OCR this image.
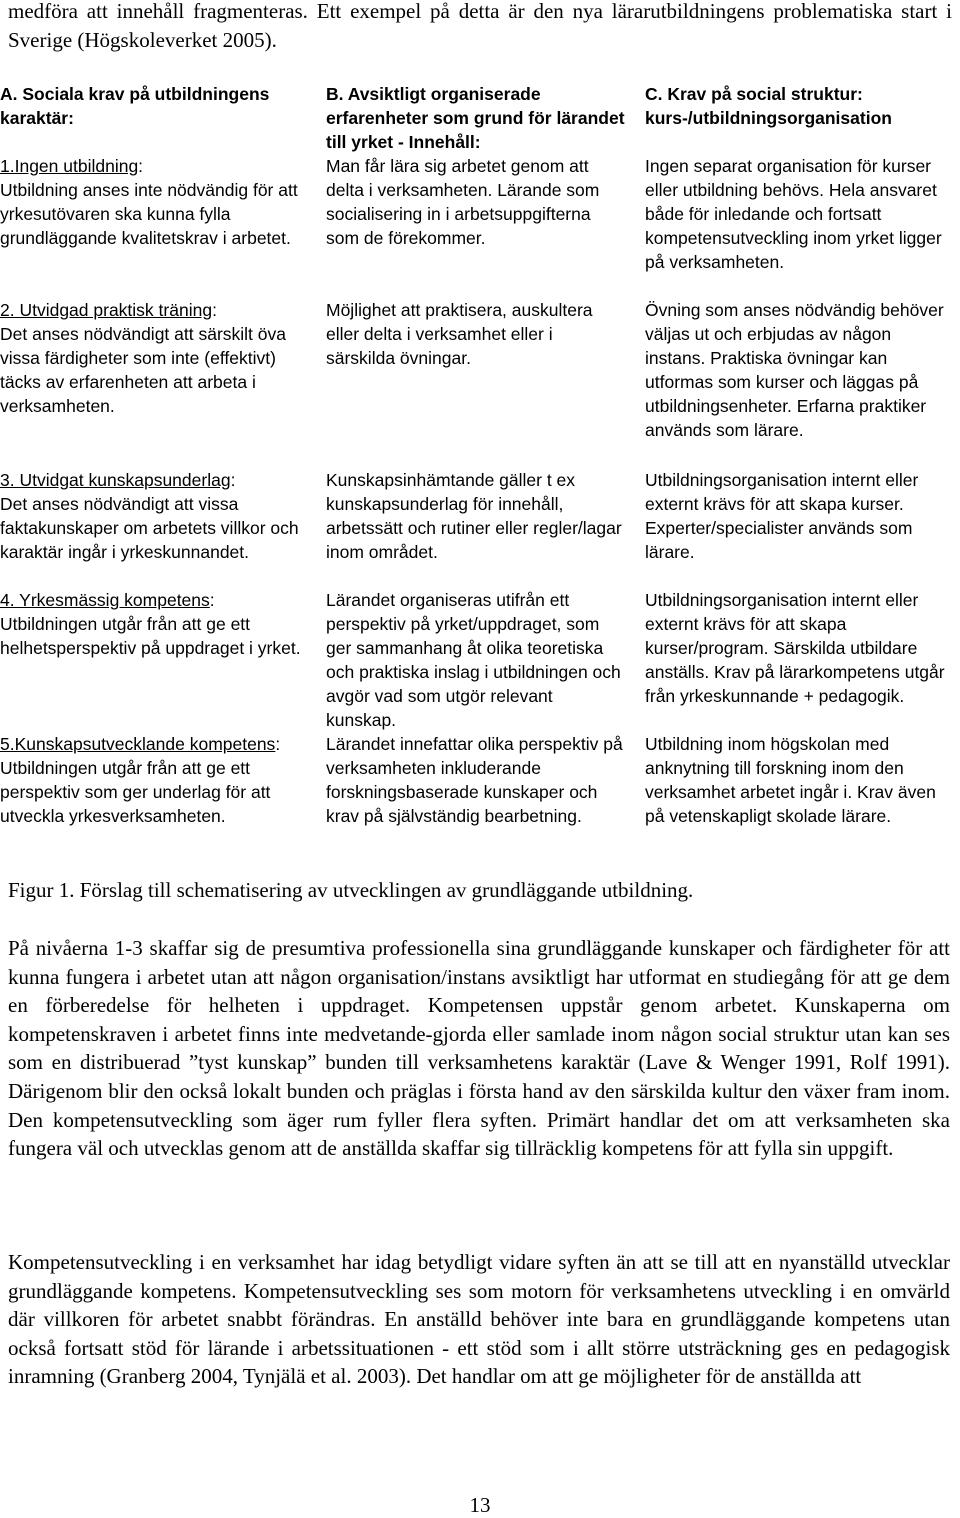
medföra att innehåll fragmenteras. Ett exempel på detta är den nya lärarutbildningens problematiska start i Sverige (Högskoleverket 2005).
A. Sociala krav på utbildningens karaktär:

1.Ingen utbildning:

Utbildning anses inte nödvändig för att yrkesutövaren ska kunna fylla grundläggande kvalitetskrav i arbetet.

2. Utvidgad praktisk träning:

Det anses nödvändigt att särskilt öva vissa färdigheter som inte (effektivt) täcks av erfarenheten att arbeta i verksamheten.

3. Utvidgat kunskapsunderlag:

Det anses nödvändigt att vissa faktakunskaper om arbetets villkor och karaktär ingår i yrkeskunnandet.

4. Yrkesmässig kompetens:

Utbildningen utgår från att ge ett helhetsperspektiv på uppdraget i yrket.

5.Kunskapsutvecklande kompetens:

Utbildningen utgår från att ge ett perspektiv som ger underlag för att utveckla yrkesverksamheten.

B. Avsiktligt organiserade erfarenheter som grund för lärandet till yrket - Innehåll:
Man får lära sig arbetet genom att delta i verksamheten. Lärande som socialisering in i arbetsuppgifterna som de förekommer.
Möjlighet att praktisera, auskultera eller delta i verksamhet eller i särskilda övningar.
Kunskapsinhämtande gäller t ex kunskapsunderlag för innehåll, arbetssätt och rutiner eller regler/lagar inom området.
Lärandet organiseras utifrån ett perspektiv på yrket/uppdraget, som ger sammanhang åt olika teoretiska och praktiska inslag i utbildningen och avgör vad som utgör relevant kunskap.
Lärandet innefattar olika perspektiv på verksamheten inkluderande forskningsbaserade kunskaper och krav på självständig bearbetning.
C. Krav på social struktur: kurs-/utbildningsorganisation
Ingen separat organisation för kurser eller utbildning behövs. Hela ansvaret både för inledande och fortsatt kompetensutveckling inom yrket ligger på verksamheten.
Övning som anses nödvändig behöver väljas ut och erbjudas av någon instans. Praktiska övningar kan utformas som kurser och läggas på utbildningsenheter. Erfarna praktiker används som lärare.
Utbildningsorganisation internt eller externt krävs för att skapa kurser. Experter/specialister används som lärare.
Utbildningsorganisation internt eller externt krävs för att skapa kurser/program. Särskilda utbildare anställs. Krav på lärarkompetens utgår från yrkeskunnande + pedagogik.
Utbildning inom högskolan med anknytning till forskning inom den verksamhet arbetet ingår i. Krav även på vetenskapligt skolade lärare.
Figur 1. Förslag till schematisering av utvecklingen av grundläggande utbildning.
På nivåerna 1-3 skaffar sig de presumtiva professionella sina grundläggande kunskaper och färdigheter för att kunna fungera i arbetet utan att någon organisation/instans avsiktligt har utformat en studiegång för att ge dem en förberedelse för helheten i uppdraget. Kompetensen uppstår genom arbetet. Kunskaperna om kompetenskraven i arbetet finns inte medvetande-gjorda eller samlade inom någon social struktur utan kan ses som en distribuerad ”tyst kunskap” bunden till verksamhetens karaktär (Lave & Wenger 1991, Rolf 1991). Därigenom blir den också lokalt bunden och präglas i första hand av den särskilda kultur den växer fram inom. Den kompetensutveckling som äger rum fyller flera syften. Primärt handlar det om att verksamheten ska fungera väl och utvecklas genom att de anställda skaffar sig tillräcklig kompetens för att fylla sin uppgift.
Kompetensutveckling i en verksamhet har idag betydligt vidare syften än att se till att en nyanställd utvecklar grundläggande kompetens. Kompetensutveckling ses som motorn för verksamhetens utveckling i en omvärld där villkoren för arbetet snabbt förändras. En anställd behöver inte bara en grundläggande kompetens utan också fortsatt stöd för lärande i arbetssituationen - ett stöd som i allt större utsträckning ges en pedagogisk inramning (Granberg 2004, Tynjälä et al. 2003). Det handlar om att ge möjligheter för de anställda att
13
